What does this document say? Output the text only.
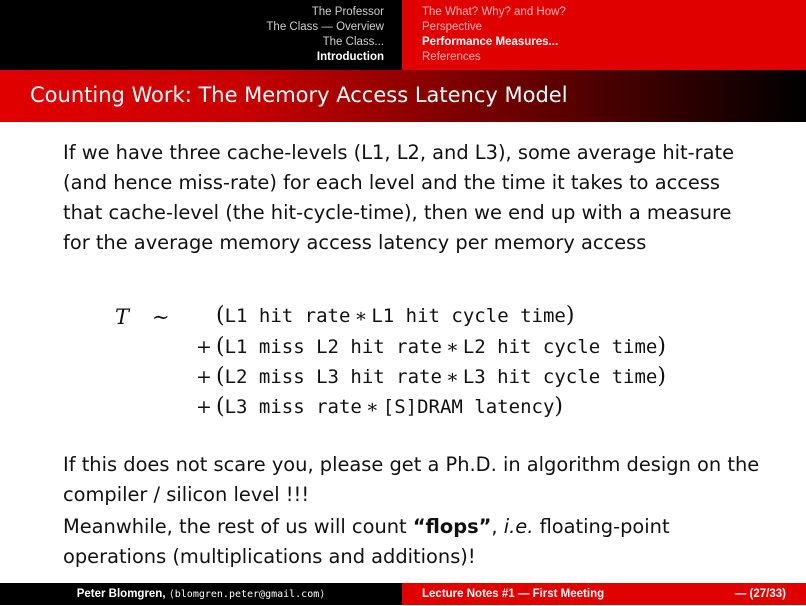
The Professor
The Class — Overview
The Class...
Introduction
The What? Why? and How?
Perspective
Performance Measures...
References
Counting Work: The Memory Access Latency Model

If we have three cache-levels (L1, L2, and L3), some average hit-rate (and hence miss-rate) for each level and the time it takes to access that cache-level (the hit-cycle-time), then we end up with a measure for the average memory access latency per memory access

T ∼	(L1 hit rate ∗ L1 hit cycle time)
+ (L1 miss L2 hit rate ∗ L2 hit cycle time)
+ (L2 miss L3 hit rate ∗ L3 hit cycle time)
+ (L3 miss rate ∗ [S]DRAM latency)
If this does not scare you, please get a Ph.D. in algorithm design on the compiler / silicon level !!!
Meanwhile, the rest of us will count “flops”, i.e. floating-point operations (multiplications and additions)!
Peter Blomgren, ⟨blomgren.peter@gmail.com⟩	Lecture Notes #1 — First Meeting	— (27/33)
